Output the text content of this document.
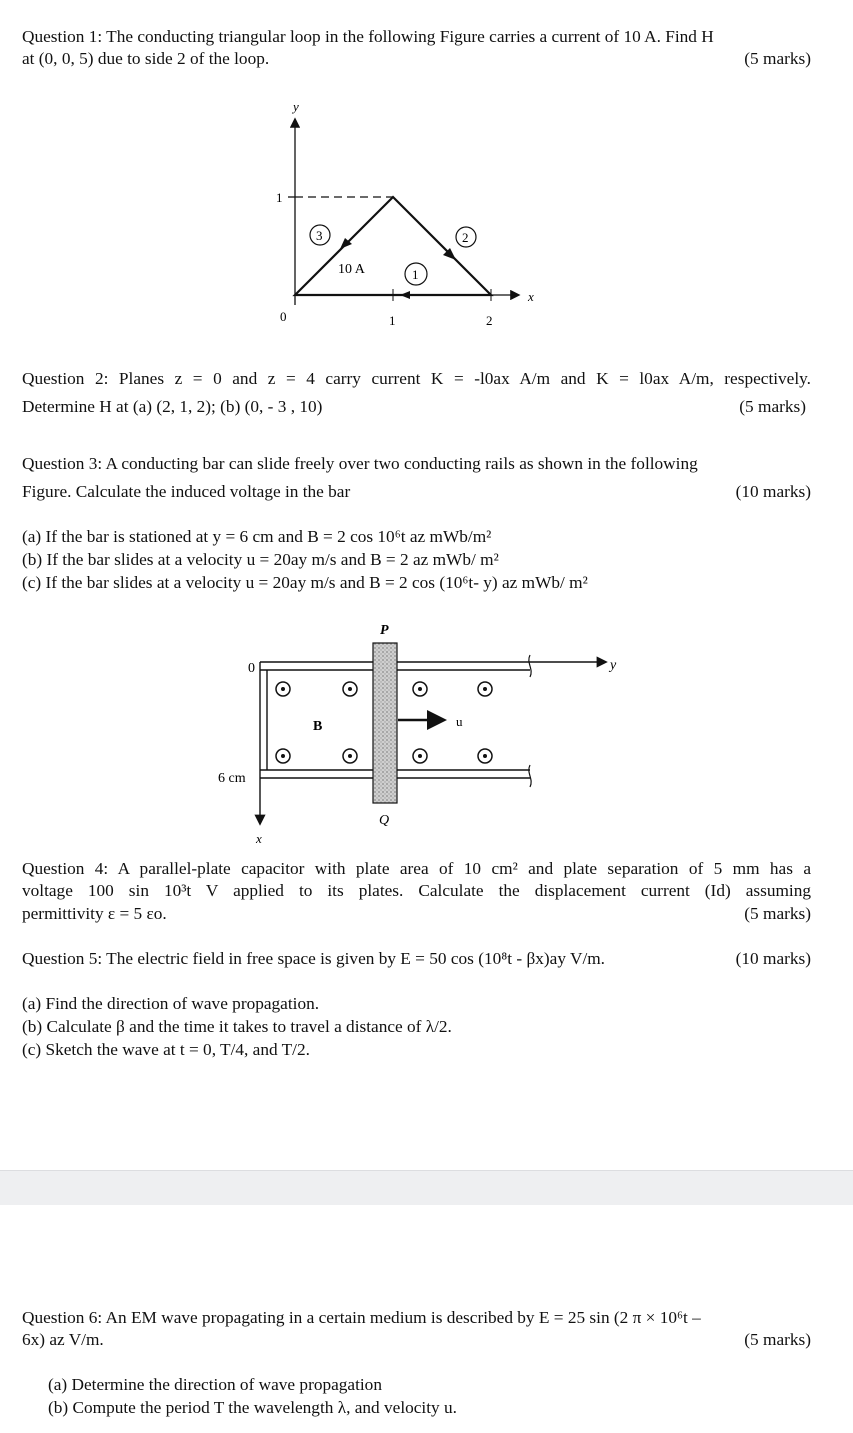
Question 1: The conducting triangular loop in the following Figure carries a current of 10 A. Find H
at (0, 0, 5) due to side 2 of the loop.	(5 marks)
y
x
1
0	1	2
3	2
1
10 A
Question 2: Planes z = 0 and z = 4 carry current K = -l0ax A/m and K = l0ax A/m, respectively.
Determine H at (a) (2, 1, 2); (b) (0, - 3 , 10)	(5 marks)
Question 3: A conducting bar can slide freely over two conducting rails as shown in the following
Figure. Calculate the induced voltage in the bar	(10 marks)
(a) If the bar is stationed at y = 6 cm and B = 2 cos 10⁶t az mWb/m²
(b) If the bar slides at a velocity u = 20ay m/s and B = 2 az mWb/ m²
(c) If the bar slides at a velocity u = 20ay m/s and B = 2 cos (10⁶t- y) az mWb/ m²
u
B
P
Q
0	y
x
6 cm
Question 4: A parallel-plate capacitor with plate area of 10 cm² and plate separation of 5 mm has a
voltage 100 sin 10³t V applied to its plates. Calculate the displacement current (Id) assuming
permittivity ε = 5 εo.	(5 marks)
Question 5: The electric field in free space is given by E = 50 cos (10⁸t - βx)ay V/m.	(10 marks)
(a) Find the direction of wave propagation.
(b) Calculate β and the time it takes to travel a distance of λ/2.
(c) Sketch the wave at t = 0, T/4, and T/2.
Question 6: An EM wave propagating in a certain medium is described by E = 25 sin (2 π × 10⁶t –
6x) az V/m.	(5 marks)
(a) Determine the direction of wave propagation
(b) Compute the period T the wavelength λ, and velocity u.
